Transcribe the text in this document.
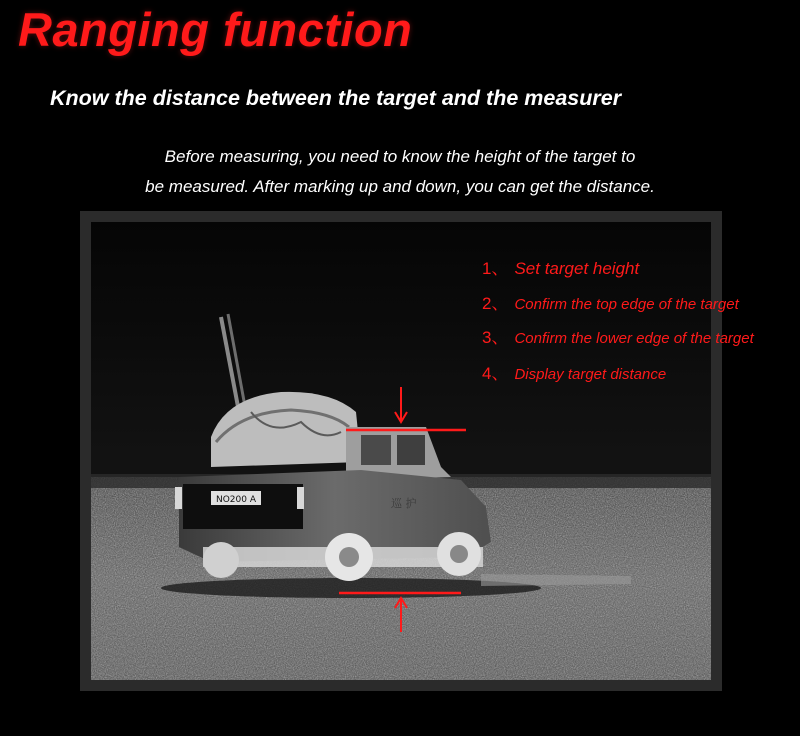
Ranging function
Know the distance between the target and the measurer
Before measuring, you need to know the height of the target to
be measured. After marking up and down, you can get the distance.
NO200 A	巡 护
1、 Set target height
2、 Confirm the top edge of the target
3、 Confirm the lower edge of the target
4、 Display target distance
